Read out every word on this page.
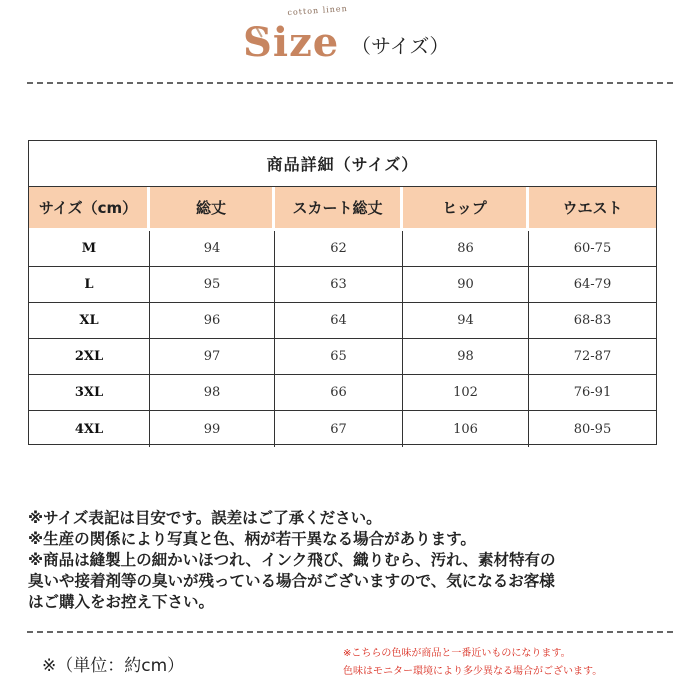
cotton linen
Size （サイズ）
商品詳細（サイズ）
サイズ（cm）	総丈	スカート総丈	ヒップ	ウエスト
M	94	62	86	60-75
L	95	63	90	64-79
XL	96	64	94	68-83
2XL	97	65	98	72-87
3XL	98	66	102	76-91
4XL	99	67	106	80-95
※サイズ表記は目安です。誤差はご了承ください。
※生産の関係により写真と色、柄が若干異なる場合があります。
※商品は縫製上の細かいほつれ、インク飛び、織りむら、汚れ、素材特有の
臭いや接着剤等の臭いが残っている場合がございますので、気になるお客様
はご購入をお控え下さい。
※（単位：約cm）
※こちらの色味が商品と一番近いものになります。
色味はモニター環境により多少異なる場合がございます。
